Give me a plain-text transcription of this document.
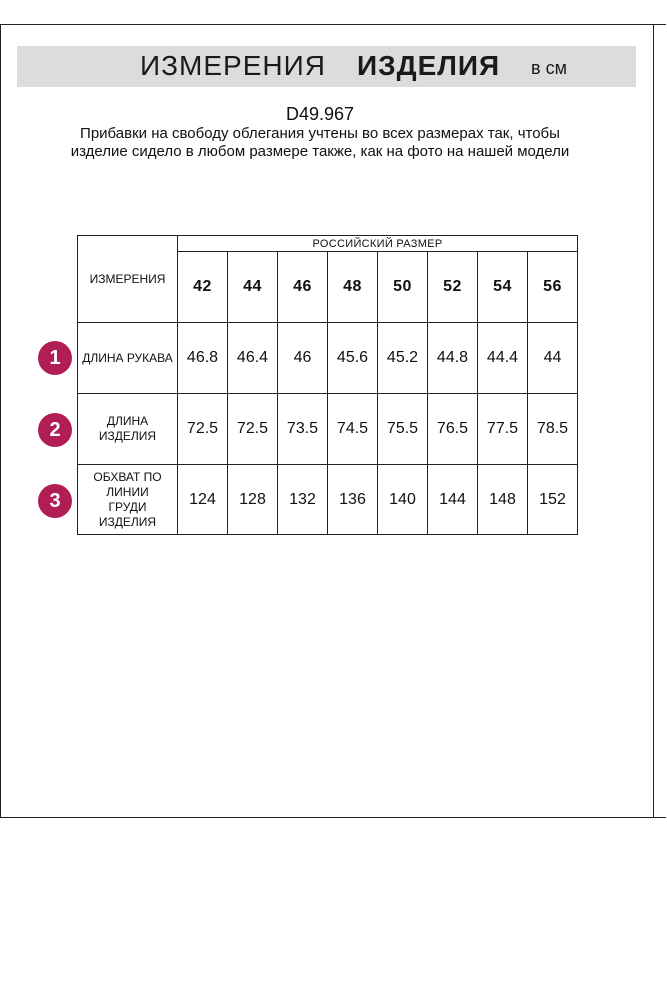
ИЗМЕРЕНИЯ ИЗДЕЛИЯ в см
D49.967
Прибавки на свободу облегания учтены во всех размерах так, чтобы изделие сидело в любом размере также, как на фото на нашей модели
ИЗМЕРЕНИЯ	РОССИЙСКИЙ РАЗМЕР							
	42	44	46	48	50	52	54	56
ДЛИНА РУКАВА	46.8	46.4	46	45.6	45.2	44.8	44.4	44
ДЛИНА ИЗДЕЛИЯ	72.5	72.5	73.5	74.5	75.5	76.5	77.5	78.5
ОБХВАТ ПО ЛИНИИ ГРУДИ ИЗДЕЛИЯ	124	128	132	136	140	144	148	152
1
2
3
